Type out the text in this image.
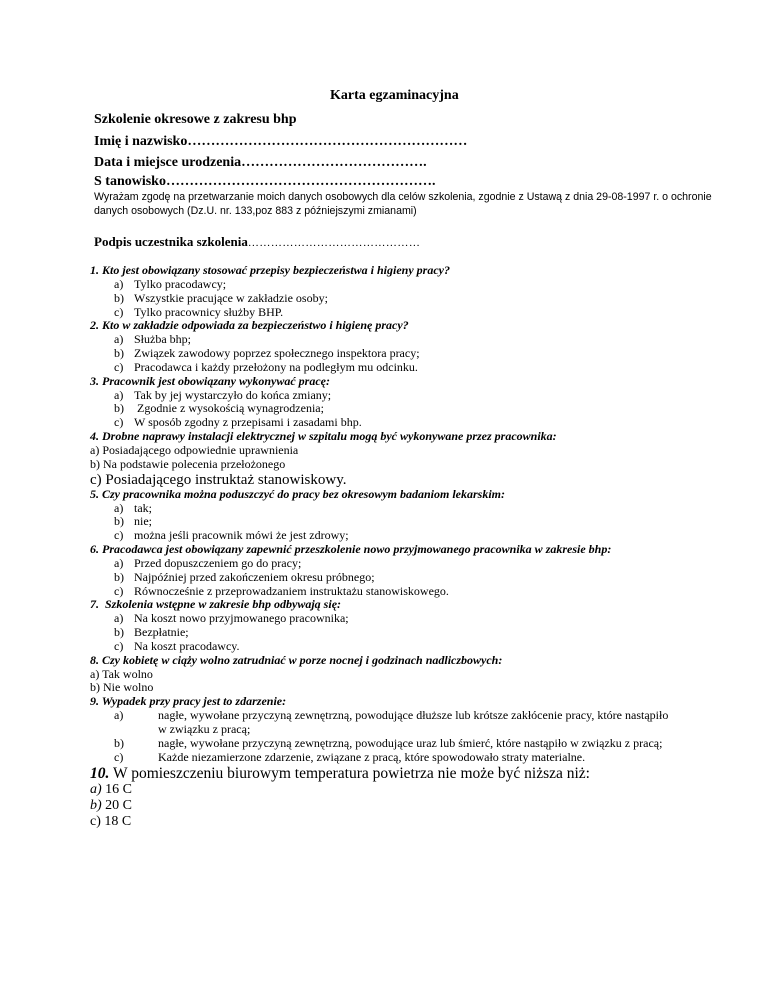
Karta egzaminacyjna
Szkolenie okresowe z zakresu bhp
Imię i nazwisko……………………………………………………
Data i miejsce urodzenia………………………………….
S tanowisko………………………………………………….
Wyrażam zgodę na przetwarzanie moich danych osobowych dla celów szkolenia, zgodnie z Ustawą z dnia 29-08-1997 r. o ochronie danych osobowych (Dz.U. nr. 133,poz 883 z późniejszymi zmianami)
Podpis uczestnika szkolenia………………………………………
1. Kto jest obowiązany stosować przepisy bezpieczeństwa i higieny pracy?
a) Tylko pracodawcy;
b) Wszystkie pracujące w zakładzie osoby;
c) Tylko pracownicy służby BHP.
2. Kto w zakładzie odpowiada za bezpieczeństwo i higienę pracy?
a) Służba bhp;
b) Związek zawodowy poprzez społecznego inspektora pracy;
c) Pracodawca i każdy przełożony na podległym mu odcinku.
3. Pracownik jest obowiązany wykonywać pracę:
a) Tak by jej wystarczyło do końca zmiany;
b) Zgodnie z wysokością wynagrodzenia;
c) W sposób zgodny z przepisami i zasadami bhp.
4. Drobne naprawy instalacji elektrycznej w szpitalu mogą być wykonywane przez pracownika:
a) Posiadającego odpowiednie uprawnienia
b) Na podstawie polecenia przełożonego
c) Posiadającego instruktaż stanowiskowy.
5. Czy pracownika można poduszczyć do pracy bez okresowym badaniom lekarskim:
a) tak;
b) nie;
c) można jeśli pracownik mówi że jest zdrowy;
6. Pracodawca jest obowiązany zapewnić przeszkolenie nowo przyjmowanego pracownika w zakresie bhp:
a) Przed dopuszczeniem go do pracy;
b) Najpóźniej przed zakończeniem okresu próbnego;
c) Równocześnie z przeprowadzaniem instruktażu stanowiskowego.
7.  Szkolenia wstępne w zakresie bhp odbywają się:
a) Na koszt nowo przyjmowanego pracownika;
b) Bezpłatnie;
c) Na koszt pracodawcy.
8. Czy kobietę w ciąży wolno zatrudniać w porze nocnej i godzinach nadliczbowych:
a) Tak wolno
b) Nie wolno
9. Wypadek przy pracy jest to zdarzenie:
a)	nagłe, wywołane przyczyną zewnętrzną, powodujące dłuższe lub krótsze zakłócenie pracy, które nastąpiło w związku z pracą;
b)	nagłe, wywołane przyczyną zewnętrzną, powodujące uraz lub śmierć, które nastąpiło w związku z pracą;
c)	Każde niezamierzone zdarzenie, związane z pracą, które spowodowało straty materialne.
10. W pomieszczeniu biurowym temperatura powietrza nie może być niższa niż:
a) 16 C
b) 20 C
c) 18 C
